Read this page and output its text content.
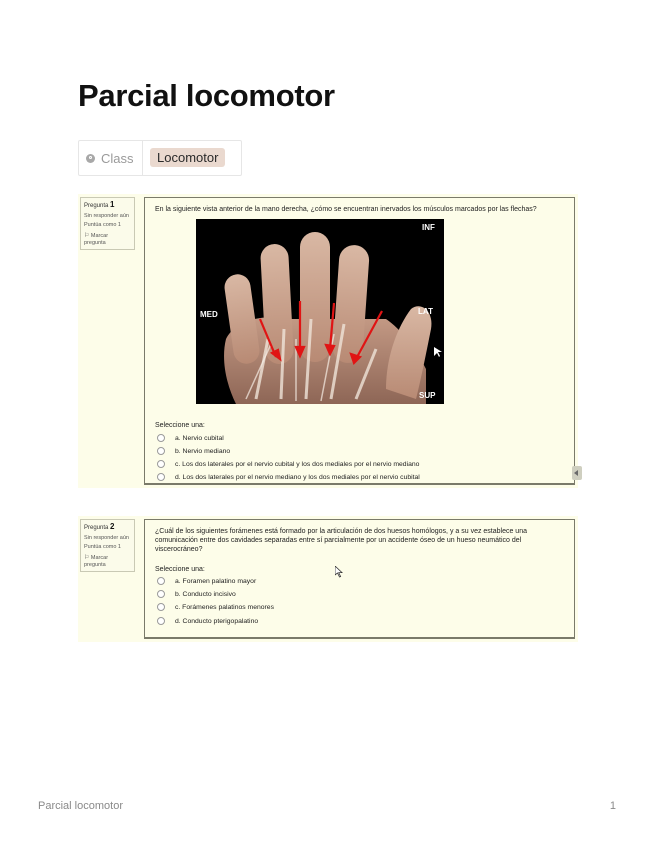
Parcial locomotor
Class	Locomotor
Pregunta 1
Sin responder aún
Puntúa como 1
⚐ Marcar pregunta
En la siguiente vista anterior de la mano derecha, ¿cómo se encuentran inervados los músculos marcados por las flechas?
INF
MED	LAT
SUP
Seleccione una:
a. Nervio cubital
b. Nervio mediano
c. Los dos laterales por el nervio cubital y los dos mediales por el nervio mediano
d. Los dos laterales por el nervio mediano y los dos mediales por el nervio cubital
Pregunta 2
Sin responder aún
Puntúa como 1
⚐ Marcar pregunta
¿Cuál de los siguientes forámenes está formado por la articulación de dos huesos homólogos, y a su vez establece una comunicación entre dos cavidades separadas entre sí parcialmente por un accidente óseo de un hueso neumático del viscerocráneo?
Seleccione una:
a. Foramen palatino mayor
b. Conducto incisivo
c. Forámenes palatinos menores
d. Conducto pterigopalatino
Parcial locomotor	1
